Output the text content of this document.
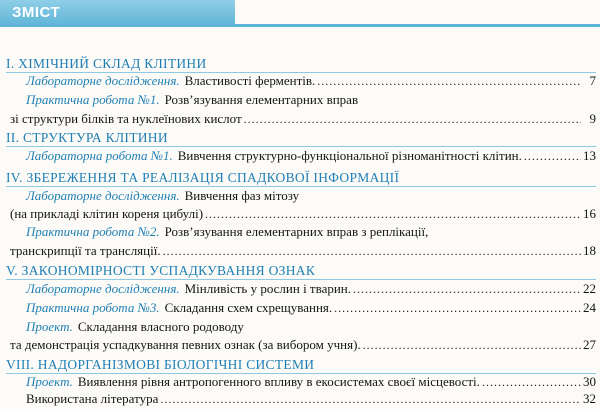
ЗМІСТ
I. ХІМІЧНИЙ СКЛАД КЛІТИНИ
Лабораторне дослідження. Властивості ферментів. .....	7
Практична робота №1. Розв’язування елементарних вправ
зі структури білків та нуклеїнових кислот .....	9
II. СТРУКТУРА КЛІТИНИ
Лабораторна робота №1. Вивчення структурно-функціональної різноманітності клітин. .....	13
IV. ЗБЕРЕЖЕННЯ ТА РЕАЛІЗАЦІЯ СПАДКОВОЇ ІНФОРМАЦІЇ
Лабораторне дослідження. Вивчення фаз мітозу
(на прикладі клітин кореня цибулі) .....	16
Практична робота №2. Розв’язування елементарних вправ з реплікації,
транскрипції та трансляції. .....	18
V. ЗАКОНОМІРНОСТІ УСПАДКУВАННЯ ОЗНАК
Лабораторне дослідження. Мінливість у рослин і тварин. .....	22
Практична робота №3. Складання схем схрещування. .....	24
Проект. Складання власного родоводу
та демонстрація успадкування певних ознак (за вибором учня). .....	27
VIII. НАДОРГАНІЗМОВІ БІОЛОГІЧНІ СИСТЕМИ
Проект. Виявлення рівня антропогенного впливу в екосистемах своєї місцевості. .....	30
Використана література .....	32
